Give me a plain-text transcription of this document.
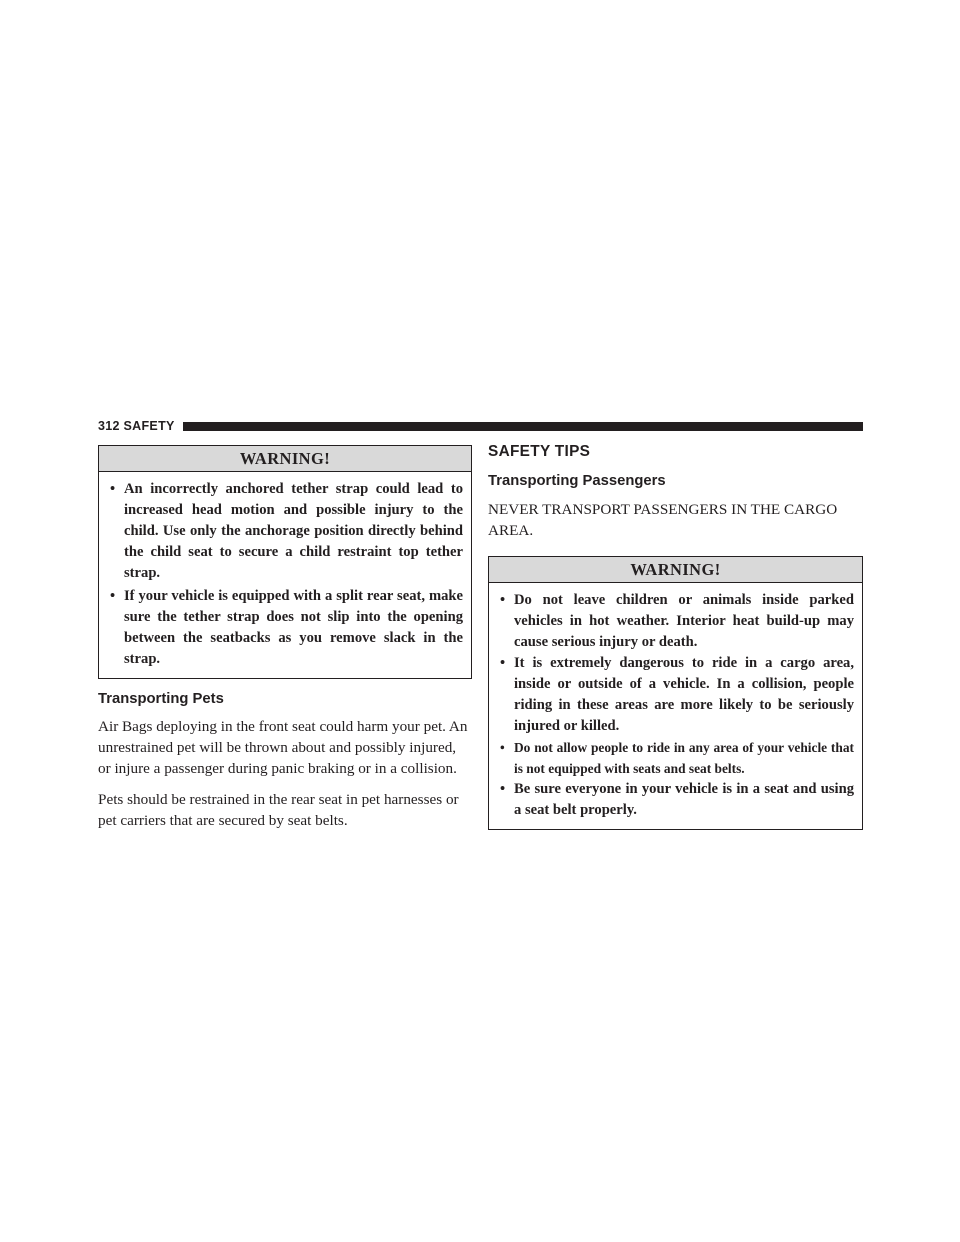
312 SAFETY
WARNING!
• An incorrectly anchored tether strap could lead to increased head motion and possible injury to the child. Use only the anchorage position directly behind the child seat to secure a child restraint top tether strap.
• If your vehicle is equipped with a split rear seat, make sure the tether strap does not slip into the opening between the seatbacks as you remove slack in the strap.
Transporting Pets

Air Bags deploying in the front seat could harm your pet. An unrestrained pet will be thrown about and possibly injured, or injure a passenger during panic braking or in a collision.

Pets should be restrained in the rear seat in pet harnesses or pet carriers that are secured by seat belts.

SAFETY TIPS
Transporting Passengers

NEVER TRANSPORT PASSENGERS IN THE CARGO AREA.

WARNING!
• Do not leave children or animals inside parked vehicles in hot weather. Interior heat build-up may cause serious injury or death.
• It is extremely dangerous to ride in a cargo area, inside or outside of a vehicle. In a collision, people riding in these areas are more likely to be seriously injured or killed.
• Do not allow people to ride in any area of your vehicle that is not equipped with seats and seat belts.
• Be sure everyone in your vehicle is in a seat and using a seat belt properly.
